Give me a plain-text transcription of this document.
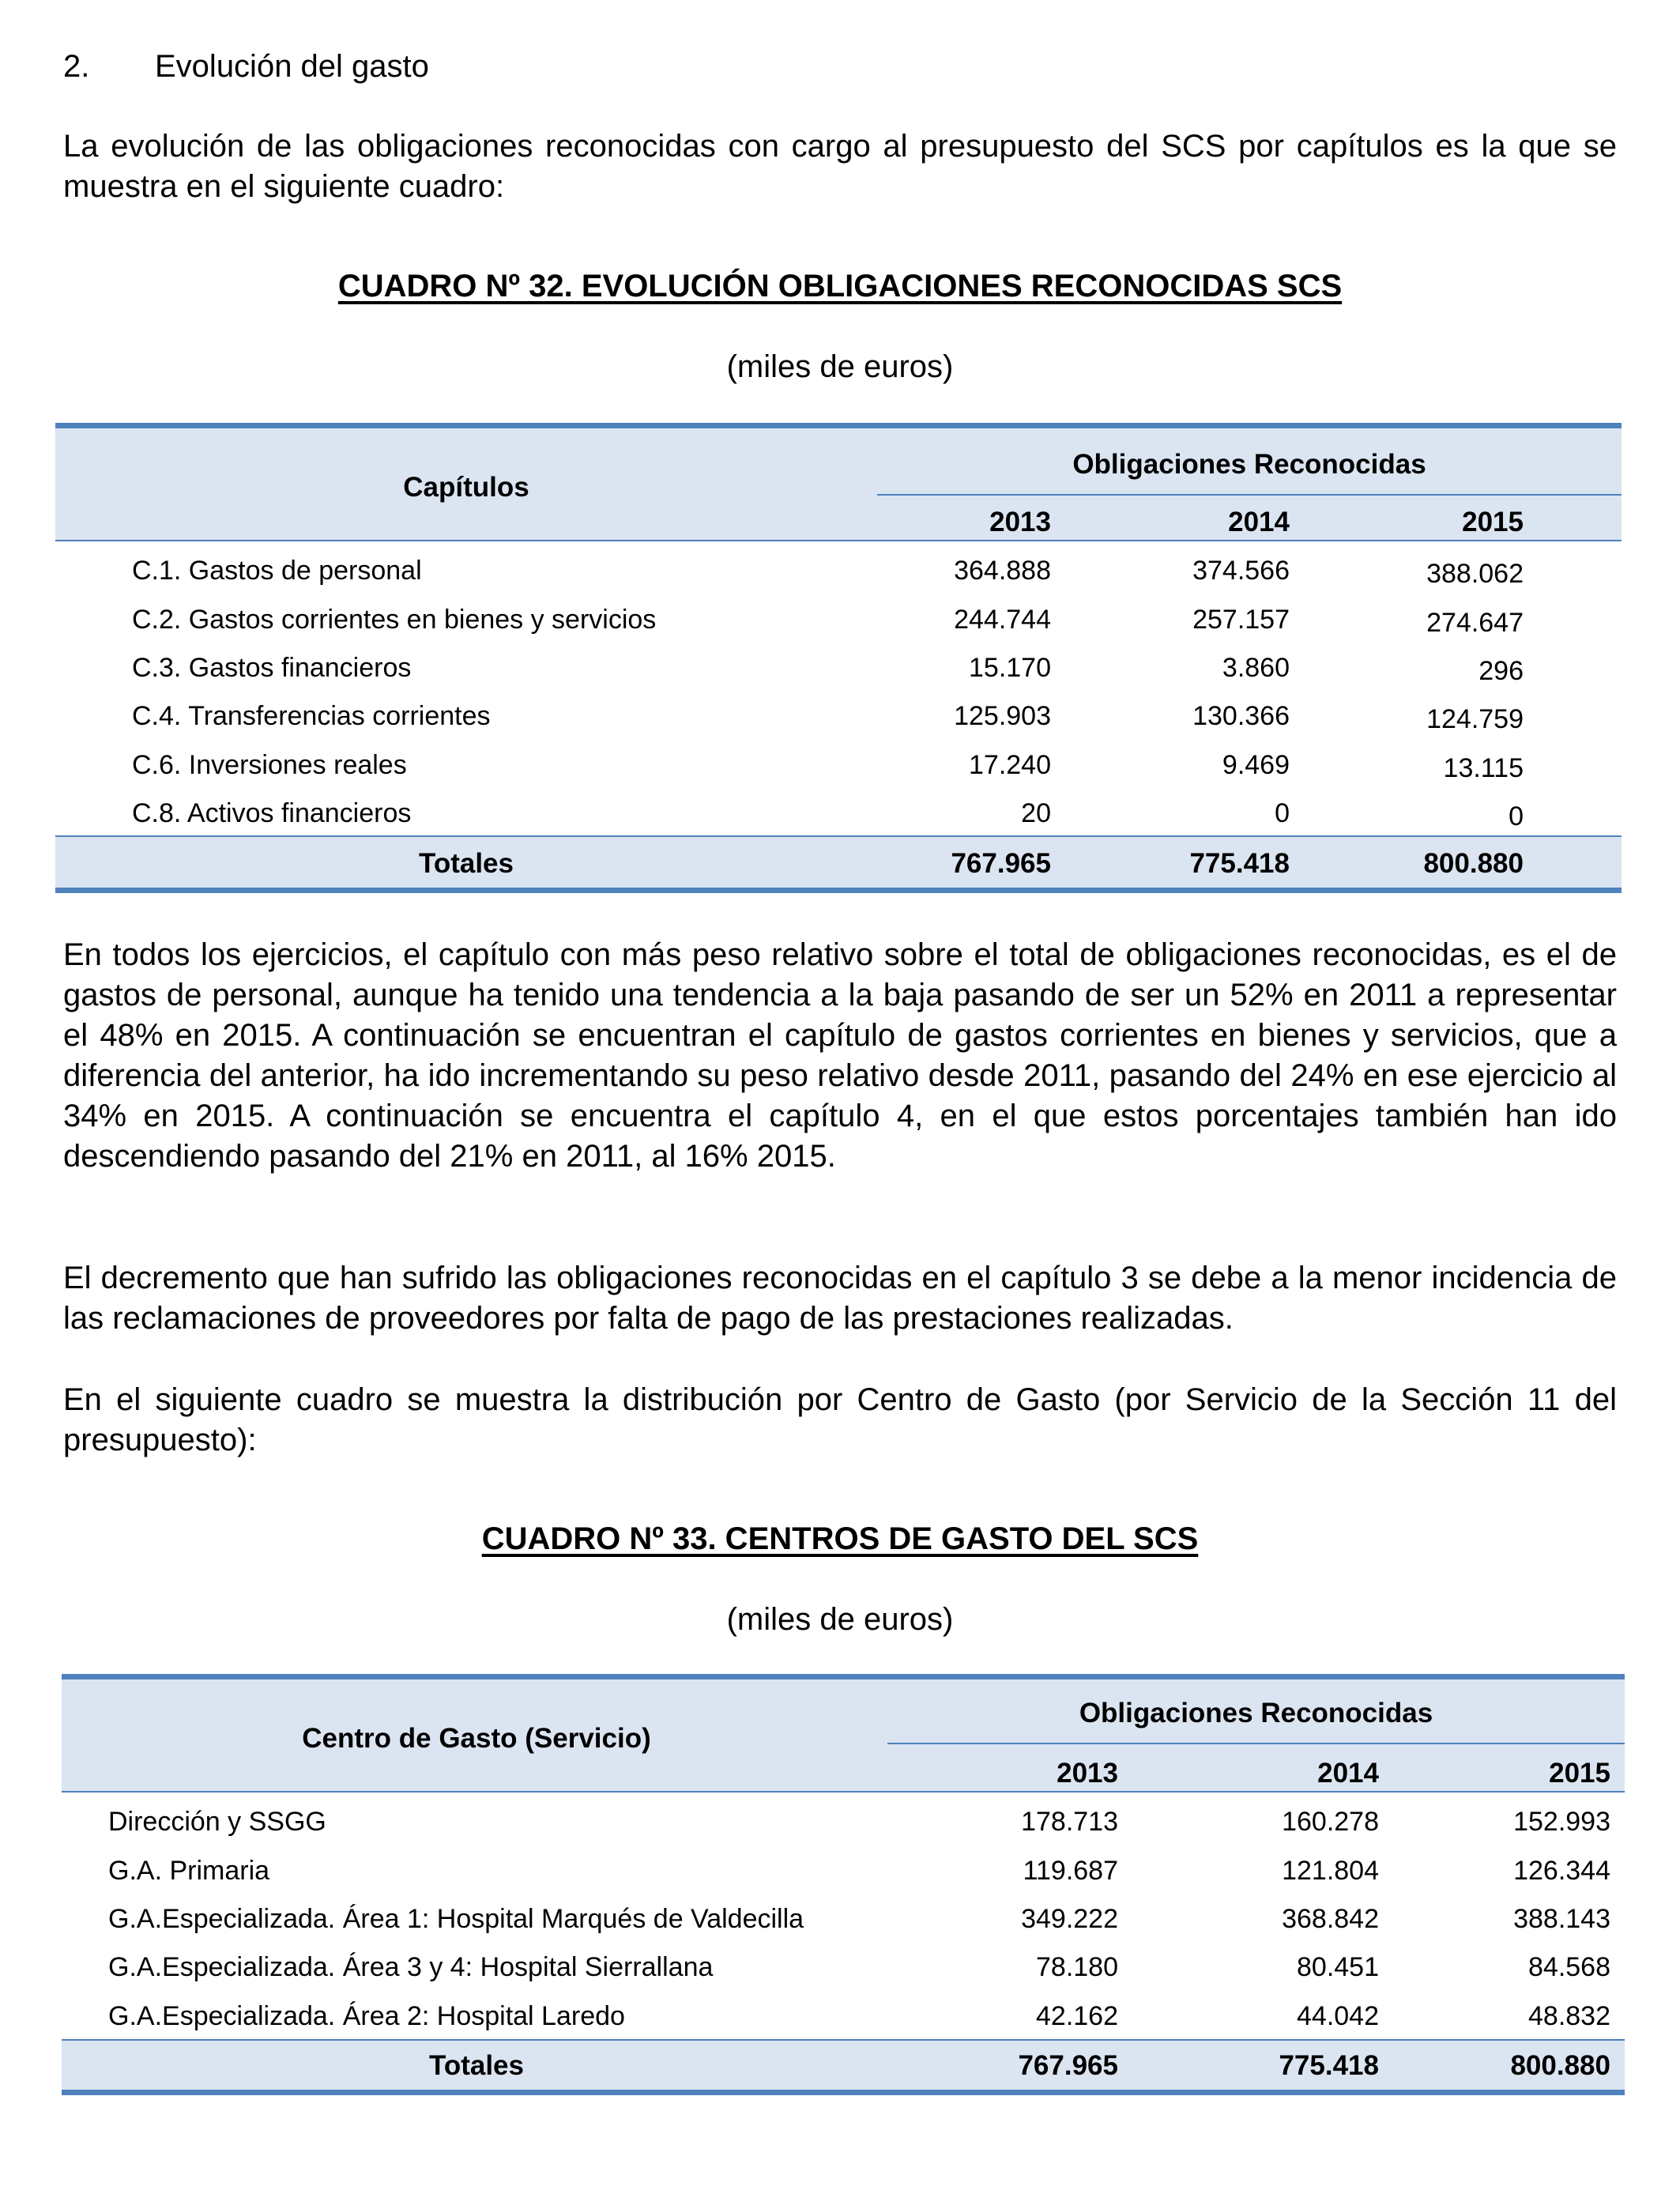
2. Evolución del gasto
La evolución de las obligaciones reconocidas con cargo al presupuesto del SCS por capítulos es la que se muestra en el siguiente cuadro:
CUADRO Nº 32. EVOLUCIÓN OBLIGACIONES RECONOCIDAS SCS
(miles de euros)
Capítulos
Obligaciones Reconocidas
2013	2014	2015
C.1. Gastos de personal	364.888	374.566	388.062
C.2. Gastos corrientes en bienes y servicios	244.744	257.157	274.647
C.3. Gastos financieros	15.170	3.860	296
C.4. Transferencias corrientes	125.903	130.366	124.759
C.6. Inversiones reales	17.240	9.469	13.115
C.8. Activos financieros	20	0	0
Totales	767.965	775.418	800.880
En todos los ejercicios, el capítulo con más peso relativo sobre el total de obligaciones reconocidas, es el de gastos de personal, aunque ha tenido una tendencia a la baja pasando de ser un 52% en 2011 a representar el 48% en 2015. A continuación se encuentran el capítulo de gastos corrientes en bienes y servicios, que a diferencia del anterior, ha ido incrementando su peso relativo desde 2011, pasando del 24% en ese ejercicio al 34% en 2015. A continuación se encuentra el capítulo 4, en el que estos porcentajes también han ido descendiendo pasando del 21% en 2011, al 16% 2015.
El decremento que han sufrido las obligaciones reconocidas en el capítulo 3 se debe a la menor incidencia de las reclamaciones de proveedores por falta de pago de las prestaciones realizadas.
En el siguiente cuadro se muestra la distribución por Centro de Gasto (por Servicio de la Sección 11 del presupuesto):
CUADRO Nº 33. CENTROS DE GASTO DEL SCS
(miles de euros)
Centro de Gasto (Servicio)
Obligaciones Reconocidas
2013	2014	2015
Dirección y SSGG	178.713	160.278	152.993
G.A. Primaria	119.687	121.804	126.344
G.A.Especializada. Área 1: Hospital Marqués de Valdecilla	349.222	368.842	388.143
G.A.Especializada. Área 3 y 4: Hospital Sierrallana	78.180	80.451	84.568
G.A.Especializada. Área 2: Hospital Laredo	42.162	44.042	48.832
Totales	767.965	775.418	800.880
